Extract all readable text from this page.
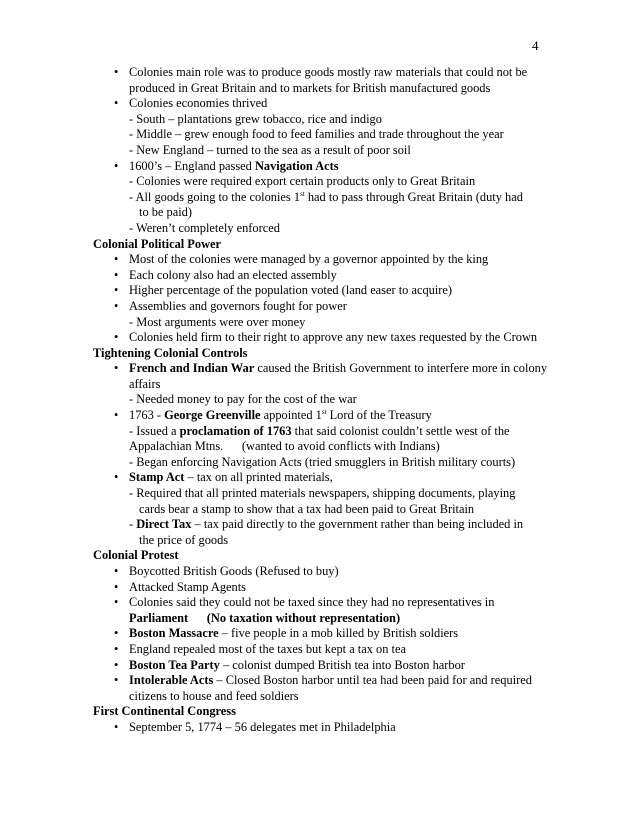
4
• Colonies main role was to produce goods mostly raw materials that could not be produced in Great Britain and to markets for British manufactured goods
• Colonies economies thrived
- South – plantations grew tobacco, rice and indigo
- Middle – grew enough food to feed families and trade throughout the year
- New England – turned to the sea as a result of poor soil
• 1600’s – England passed Navigation Acts
- Colonies were required export certain products only to Great Britain
- All goods going to the colonies 1st had to pass through Great Britain (duty had
to be paid)
- Weren’t completely enforced
Colonial Political Power
• Most of the colonies were managed by a governor appointed by the king
• Each colony also had an elected assembly
• Higher percentage of the population voted (land easer to acquire)
• Assemblies and governors fought for power
- Most arguments were over money
• Colonies held firm to their right to approve any new taxes requested by the Crown
Tightening Colonial Controls
• French and Indian War caused the British Government to interfere more in colony affairs
- Needed money to pay for the cost of the war
• 1763 - George Greenville appointed 1st Lord of the Treasury
- Issued a proclamation of 1763 that said colonist couldn’t settle west of the
Appalachian Mtns.      (wanted to avoid conflicts with Indians)
- Began enforcing Navigation Acts (tried smugglers in British military courts)
• Stamp Act – tax on all printed materials,
- Required that all printed materials newspapers, shipping documents, playing
cards bear a stamp to show that a tax had been paid to Great Britain
- Direct Tax – tax paid directly to the government rather than being included in
the price of goods
Colonial Protest
• Boycotted British Goods (Refused to buy)
• Attacked Stamp Agents
• Colonies said they could not be taxed since they had no representatives in
Parliament      (No taxation without representation)
• Boston Massacre – five people in a mob killed by British soldiers
• England repealed most of the taxes but kept a tax on tea
• Boston Tea Party – colonist dumped British tea into Boston harbor
• Intolerable Acts – Closed Boston harbor until tea had been paid for and required citizens to house and feed soldiers
First Continental Congress
• September 5, 1774 – 56 delegates met in Philadelphia
